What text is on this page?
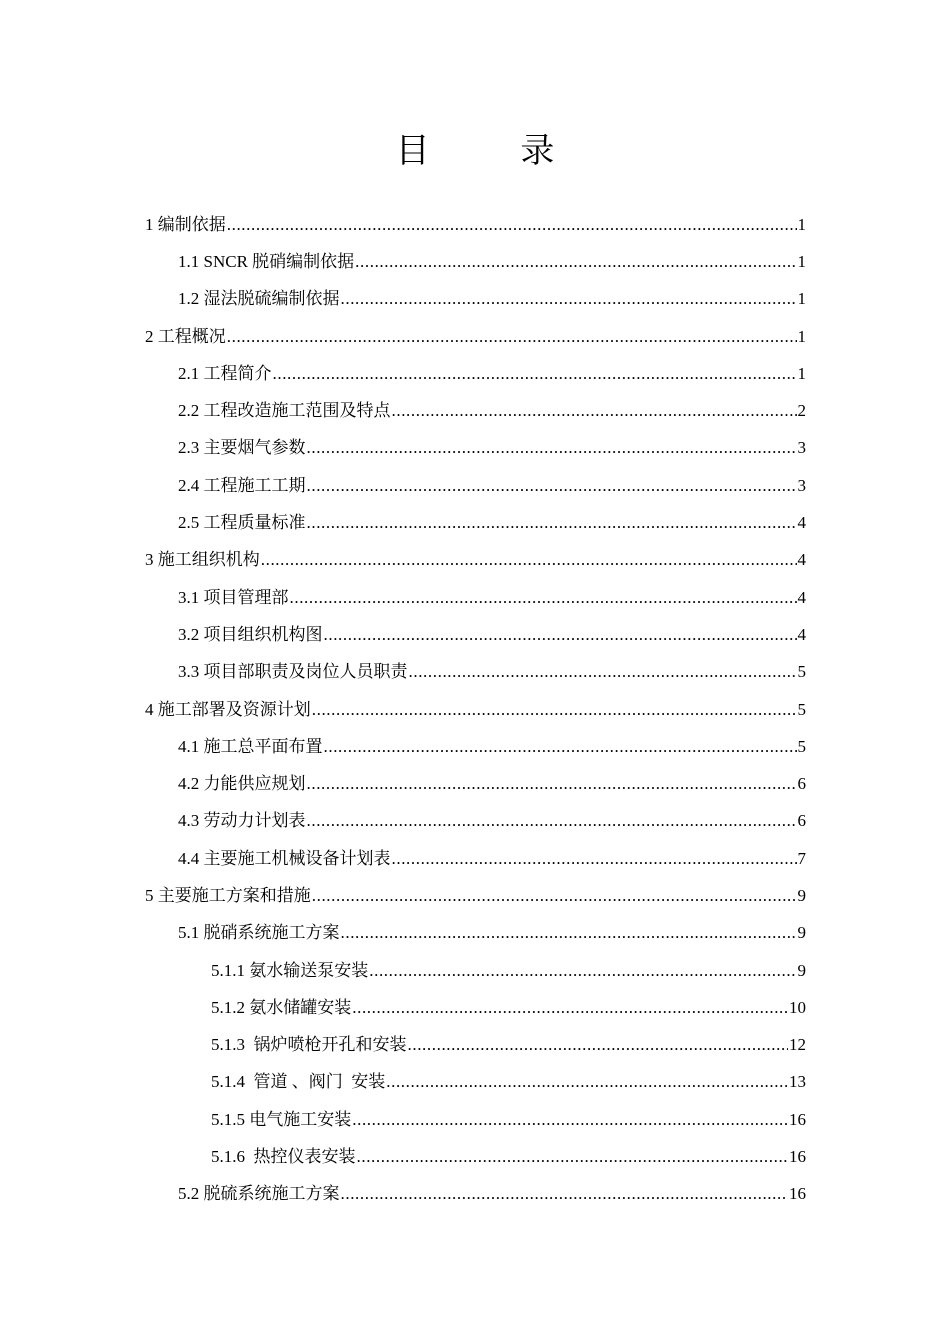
目 录
1 编制依据 .....	1
1.1 SNCR 脱硝编制依据 .....	1
1.2 湿法脱硫编制依据 .....	1
2 工程概况 .....	1
2.1 工程简介 .....	1
2.2 工程改造施工范围及特点 .....	2
2.3 主要烟气参数 .....	3
2.4 工程施工工期 .....	3
2.5 工程质量标准 .....	4
3 施工组织机构 .....	4
3.1 项目管理部 .....	4
3.2 项目组织机构图 .....	4
3.3 项目部职责及岗位人员职责 .....	5
4 施工部署及资源计划 .....	5
4.1 施工总平面布置 .....	5
4.2 力能供应规划 .....	6
4.3 劳动力计划表 .....	6
4.4 主要施工机械设备计划表 .....	7
5 主要施工方案和措施 .....	9
5.1 脱硝系统施工方案 .....	9
5.1.1 氨水输送泵安装 .....	9
5.1.2 氨水储罐安装 .....	10
5.1.3  锅炉喷枪开孔和安装 .....	12
5.1.4  管道 、阀门  安装 .....	13
5.1.5 电气施工安装 .....	16
5.1.6  热控仪表安装 .....	16
5.2 脱硫系统施工方案 .....	16
